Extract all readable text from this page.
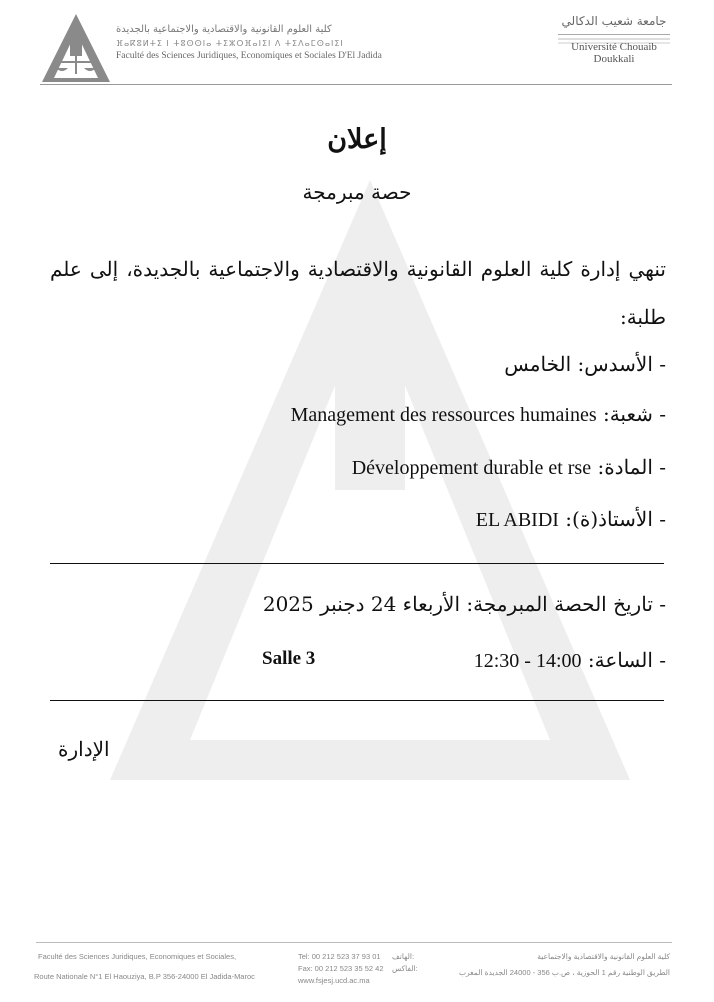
كلية العلوم القانونية والاقتصادية والاجتماعية بالجديدة
ⴼⴰⴽⵓⵍⵜⵉ ⵏ ⵜⵓⵙⵙⵏⴰ ⵜⵉⵣⵔⴼⴰⵏⵉⵏ ⴷ ⵜⵉⴷⴰⵎⵙⴰⵏⵉⵏ
Faculté des Sciences Juridiques, Economiques et Sociales D'El Jadida
جامعة شعيب الدكالي
Université Chouaib Doukkali
إعلان
حصة مبرمجة
تنهي إدارة كلية العلوم القانونية والاقتصادية والاجتماعية بالجديدة، إلى علم طلبة:
- الأسدس: الخامس
- شعبة: Management des ressources humaines
- المادة: Développement durable et rse
- الأستاذ(ة): EL ABIDI
- تاريخ الحصة المبرمجة: الأربعاء 24 دجنبر 2025
- الساعة: 12:30 - 14:00
Salle 3
الإدارة
Faculté des Sciences Juridiques, Economiques et Sociales,
Route Nationale N°1 El Haouziya, B.P 356-24000 El Jadida-Maroc
Tel: 00 212 523 37 93 01
Fax: 00 212 523 35 52 42
الهاتف:
الفاكس:
www.fsjesj.ucd.ac.ma
كلية العلوم القانونية والاقتصادية والاجتماعية
الطريق الوطنية رقم 1 الحوزية ، ص.ب 356 - 24000 الجديدة المغرب
